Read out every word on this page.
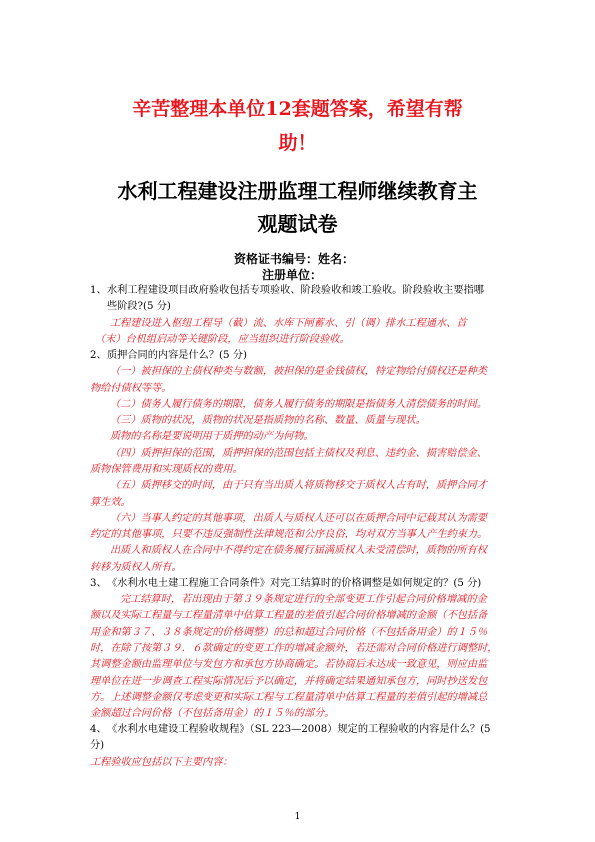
辛苦整理本单位12套题答案，希望有帮
助！
水利工程建设注册监理工程师继续教育主
观题试卷
资格证书编号：姓名：
注册单位：
1、 水利工程建设项目政府验收包括专项验收、阶段验收和竣工验收。阶段验收主要指哪
些阶段?(5 分)
工程建设进入枢纽工程导（截）流、水库下闸蓄水、引（调）排水工程通水、首
（末）台机组启动等关键阶段，应当组织进行阶段验收。
2、 质押合同的内容是什么？(5 分)
（一）被担保的主债权种类与数额，被担保的是金钱债权，特定物给付债权还是种类
物给付债权等等。
（二）债务人履行债务的期限，债务人履行债务的期限是指债务人清偿债务的时间。
（三）质物的状况，质物的状况是指质物的名称、数量、质量与现状。
质物的名称是要说明用于质押的动产为何物。
（四）质押担保的范围，质押担保的范围包括主债权及利息、违约金、损害赔偿金、
质物保管费用和实现质权的费用。
（五）质押移交的时间，由于只有当出质人将质物移交于质权人占有时，质押合同才
算生效。
（六）当事人约定的其他事项，出质人与质权人还可以在质押合同中记载其认为需要
约定的其他事项，只要不违反强制性法律规范和公序良俗，均对双方当事人产生约束力。
出质人和质权人在合同中不得约定在债务履行届满质权人未受清偿时，质物的所有权
转移为质权人所有。
3、 《水利水电土建工程施工合同条件》对完工结算时的价格调整是如何规定的？(5 分)
完工结算时，若出现由于第３９条规定进行的全部变更工作引起合同价格增减的金
额以及实际工程量与工程量清单中估算工程量的差值引起合同价格增减的金额（不包括备
用金和第３７、３８条规定的价格调整）的总和超过合同价格（不包括备用金）的１５％
时，在除了按第３９．６款确定的变更工作的增减金额外，若还需对合同价格进行调整时，
其调整金额由监理单位与发包方和承包方协商确定。若协商后未达成一致意见，则应由监
理单位在进一步调查工程实际情况后予以确定，并将确定结果通知承包方，同时抄送发包
方。上述调整金额仅考虑变更和实际工程与工程量清单中估算工程量的差值引起的增减总
金额超过合同价格（不包括备用金）的１５％的部分。
4、 《水利水电建设工程验收规程》（SL 223—2008）规定的工程验收的内容是什么？(5
分)
工程验收应包括以下主要内容：
1
